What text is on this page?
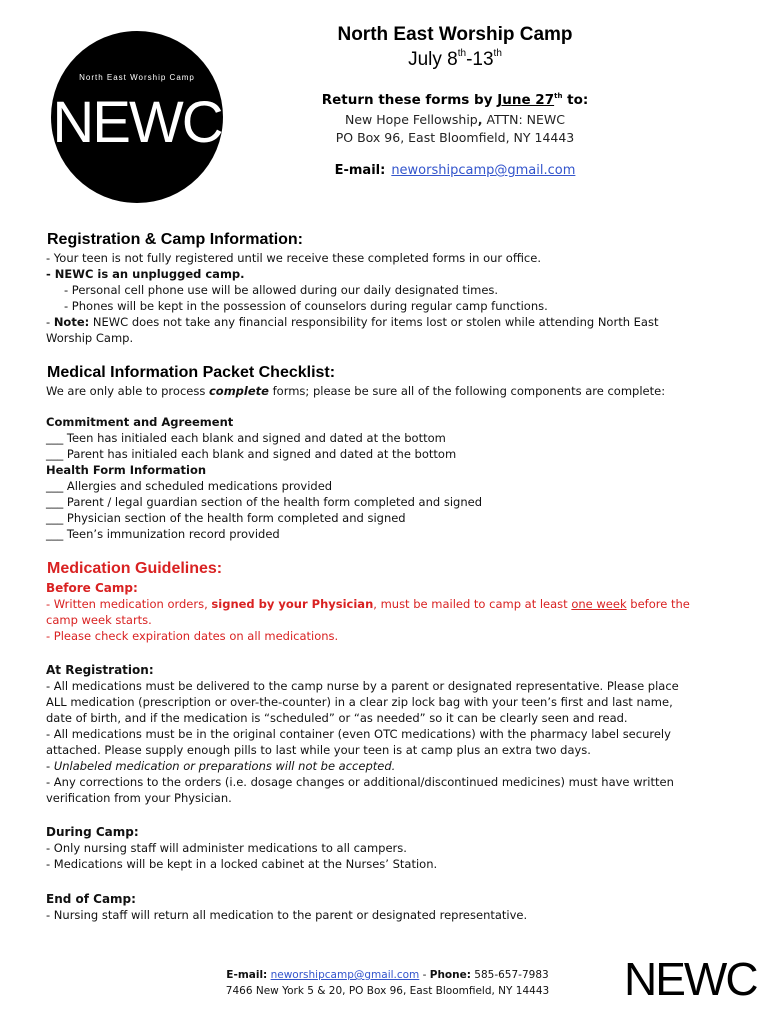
North East Worship Camp
NEWC
North East Worship Camp
July 8th-13th
Return these forms by June 27th to:
New Hope Fellowship, ATTN: NEWC
PO Box 96, East Bloomfield, NY 14443
E-mail: neworshipcamp@gmail.com
Registration & Camp Information:
- Your teen is not fully registered until we receive these completed forms in our office.
- NEWC is an unplugged camp.
- Personal cell phone use will be allowed during our daily designated times.
- Phones will be kept in the possession of counselors during regular camp functions.
- Note: NEWC does not take any financial responsibility for items lost or stolen while attending North East
Worship Camp.
Medical Information Packet Checklist:
We are only able to process complete forms; please be sure all of the following components are complete:
Commitment and Agreement
___ Teen has initialed each blank and signed and dated at the bottom
___ Parent has initialed each blank and signed and dated at the bottom
Health Form Information
___ Allergies and scheduled medications provided
___ Parent / legal guardian section of the health form completed and signed
___ Physician section of the health form completed and signed
___ Teen’s immunization record provided
Medication Guidelines:
Before Camp:
- Written medication orders, signed by your Physician, must be mailed to camp at least one week before the
camp week starts.
- Please check expiration dates on all medications.
At Registration:
- All medications must be delivered to the camp nurse by a parent or designated representative. Please place
ALL medication (prescription or over-the-counter) in a clear zip lock bag with your teen’s first and last name,
date of birth, and if the medication is “scheduled” or “as needed” so it can be clearly seen and read.
- All medications must be in the original container (even OTC medications) with the pharmacy label securely
attached. Please supply enough pills to last while your teen is at camp plus an extra two days.
- Unlabeled medication or preparations will not be accepted.
- Any corrections to the orders (i.e. dosage changes or additional/discontinued medicines) must have written
verification from your Physician.
During Camp:
- Only nursing staff will administer medications to all campers.
- Medications will be kept in a locked cabinet at the Nurses’ Station.
End of Camp:
- Nursing staff will return all medication to the parent or designated representative.
E-mail: neworshipcamp@gmail.com - Phone: 585-657-7983
7466 New York 5 & 20, PO Box 96, East Bloomfield, NY 14443	NEWC
